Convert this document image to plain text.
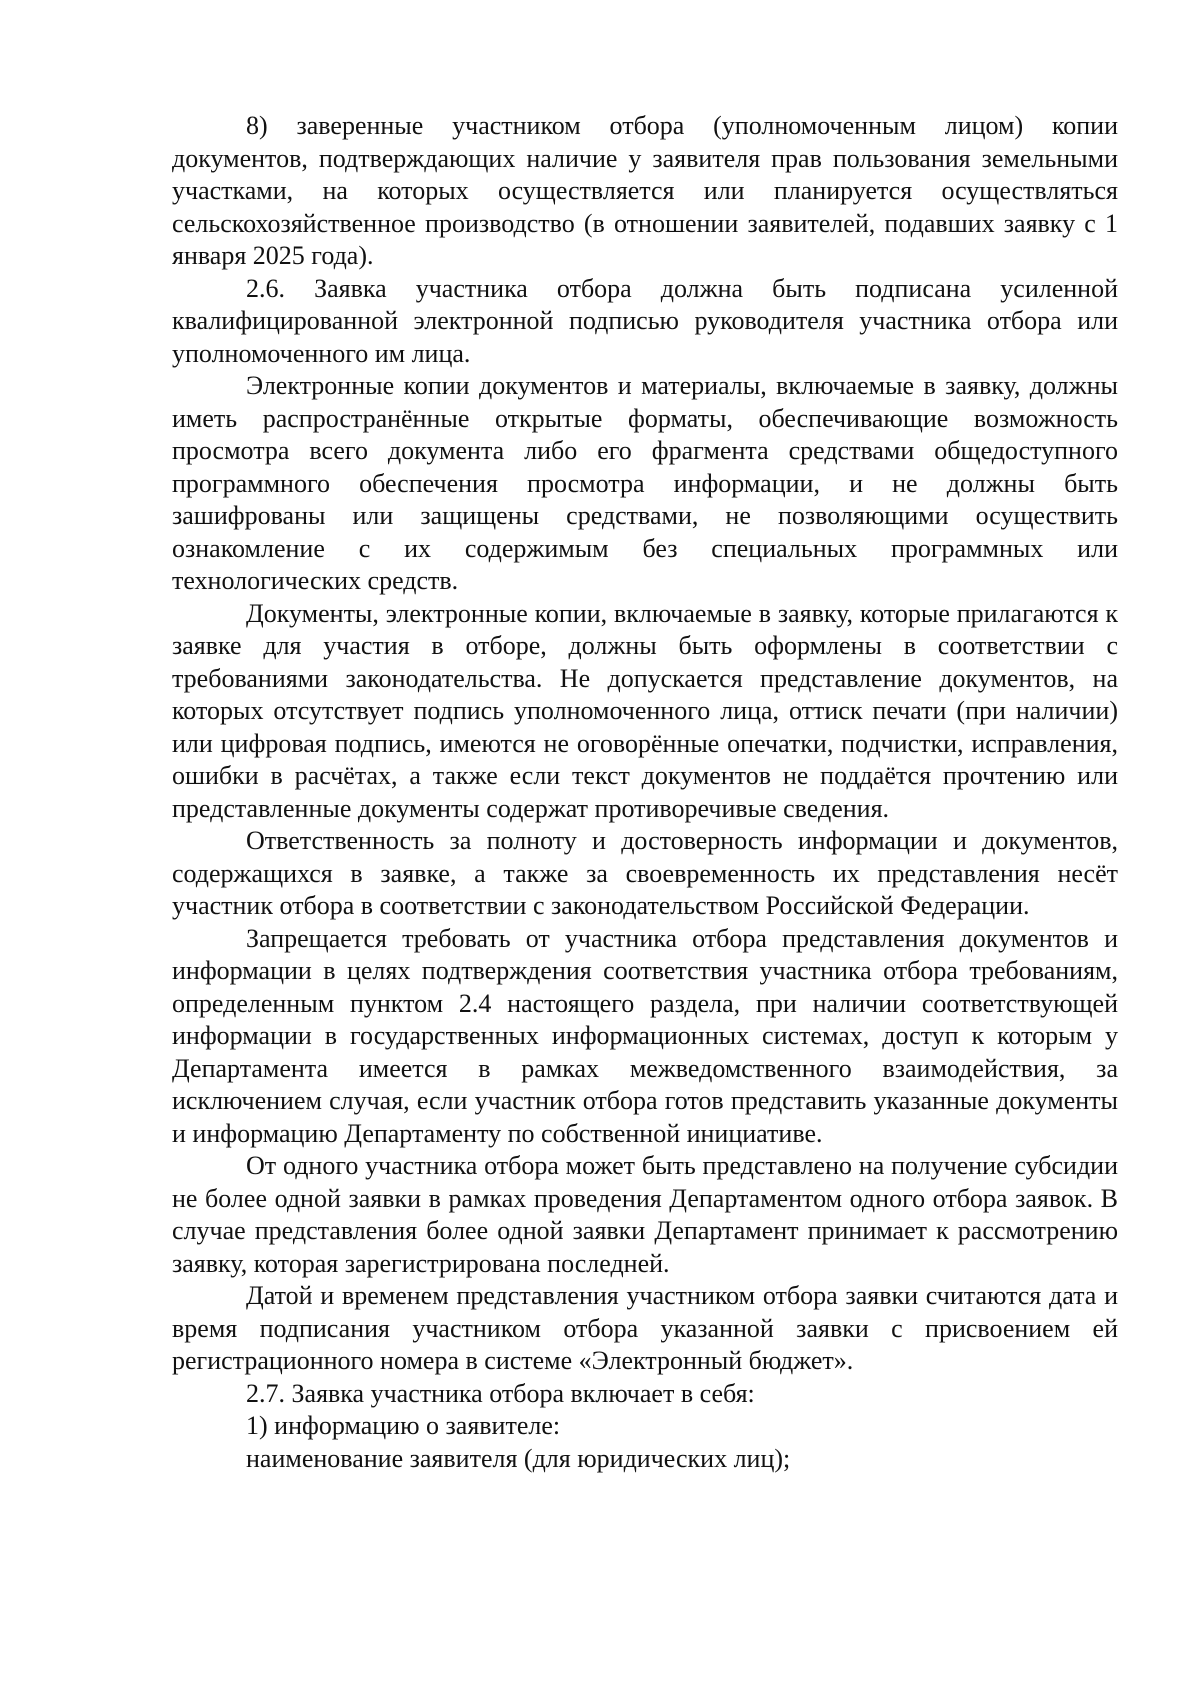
8) заверенные участником отбора (уполномоченным лицом) копии документов, подтверждающих наличие у заявителя прав пользования земельными участками, на которых осуществляется или планируется осуществляться сельскохозяйственное производство (в отношении заявителей, подавших заявку с 1 января 2025 года).

2.6. Заявка участника отбора должна быть подписана усиленной квалифицированной электронной подписью руководителя участника отбора или уполномоченного им лица.

Электронные копии документов и материалы, включаемые в заявку, должны иметь распространённые открытые форматы, обеспечивающие возможность просмотра всего документа либо его фрагмента средствами общедоступного программного обеспечения просмотра информации, и не должны быть зашифрованы или защищены средствами, не позволяющими осуществить ознакомление с их содержимым без специальных программных или технологических средств.

Документы, электронные копии, включаемые в заявку, которые прилагаются к заявке для участия в отборе, должны быть оформлены в соответствии с требованиями законодательства. Не допускается представление документов, на которых отсутствует подпись уполномоченного лица, оттиск печати (при наличии) или цифровая подпись, имеются не оговорённые опечатки, подчистки, исправления, ошибки в расчётах, а также если текст документов не поддаётся прочтению или представленные документы содержат противоречивые сведения.

Ответственность за полноту и достоверность информации и документов, содержащихся в заявке, а также за своевременность их представления несёт участник отбора в соответствии с законодательством Российской Федерации.

Запрещается требовать от участника отбора представления документов и информации в целях подтверждения соответствия участника отбора требованиям, определенным пунктом 2.4 настоящего раздела, при наличии соответствующей информации в государственных информационных системах, доступ к которым у Департамента имеется в рамках межведомственного взаимодействия, за исключением случая, если участник отбора готов представить указанные документы и информацию Департаменту по собственной инициативе.

От одного участника отбора может быть представлено на получение субсидии не более одной заявки в рамках проведения Департаментом одного отбора заявок. В случае представления более одной заявки Департамент принимает к рассмотрению заявку, которая зарегистрирована последней.

Датой и временем представления участником отбора заявки считаются дата и время подписания участником отбора указанной заявки с присвоением ей регистрационного номера в системе «Электронный бюджет».

2.7. Заявка участника отбора включает в себя:

1) информацию о заявителе:

наименование заявителя (для юридических лиц);
